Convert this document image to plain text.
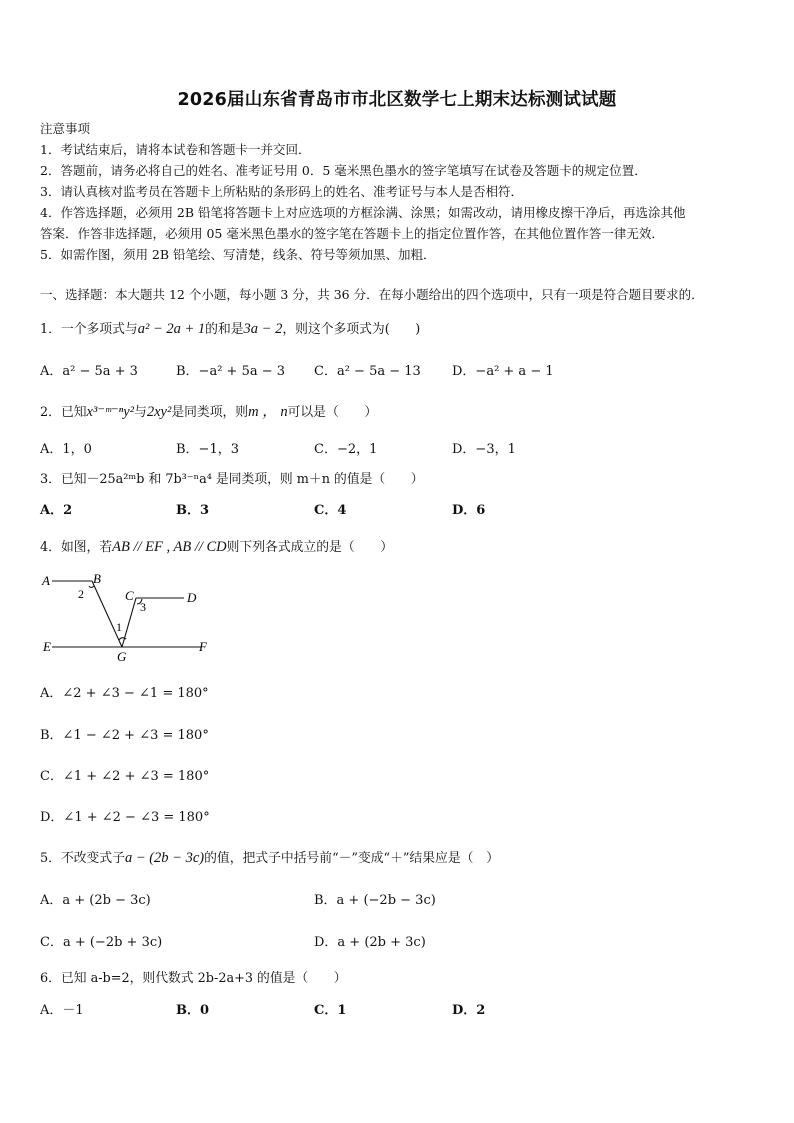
2026届山东省青岛市市北区数学七上期末达标测试试题
注意事项
1．考试结束后，请将本试卷和答题卡一并交回．
2．答题前，请务必将自己的姓名、准考证号用 0．5 毫米黑色墨水的签字笔填写在试卷及答题卡的规定位置．
3．请认真核对监考员在答题卡上所粘贴的条形码上的姓名、准考证号与本人是否相符．
4．作答选择题，必须用 2B 铅笔将答题卡上对应选项的方框涂满、涂黑；如需改动，请用橡皮擦干净后，再选涂其他
答案．作答非选择题，必须用 05 毫米黑色墨水的签字笔在答题卡上的指定位置作答，在其他位置作答一律无效．
5．如需作图，须用 2B 铅笔绘、写清楚，线条、符号等须加黑、加粗．
一、选择题：本大题共 12 个小题，每小题 3 分，共 36 分．在每小题给出的四个选项中，只有一项是符合题目要求的．
1．一个多项式与a² − 2a + 1的和是3a − 2，则这个多项式为(　　)
A．a² − 5a + 3	B．−a² + 5a − 3 C．a² − 5a − 13 D．−a² + a − 1
2．已知x³⁻ᵐ⁻ⁿy²与2xy²是同类项，则m ， n可以是（　　）
A．1，0	B．−1，3	C．−2，1	D．−3，1
3．已知－25a²ᵐb 和 7b³⁻ⁿa⁴ 是同类项，则 m＋n 的值是（　　）
A．2	B．3	C．4	D．6
4．如图，若AB // EF , AB // CD则下列各式成立的是（　　）
A	B
C	D
E	F
G
1
2
3
A．∠2 + ∠3 − ∠1 = 180°
B．∠1 − ∠2 + ∠3 = 180°
C．∠1 + ∠2 + ∠3 = 180°
D．∠1 + ∠2 − ∠3 = 180°
5．不改变式子a − (2b − 3c)的值，把式子中括号前“－”变成“＋”结果应是（　）
A．a + (2b − 3c)	B．a + (−2b − 3c)
C．a + (−2b + 3c)	D．a + (2b + 3c)
6．已知 a-b=2，则代数式 2b-2a+3 的值是（　　）
A．－1	B．0	C．1	D．2
